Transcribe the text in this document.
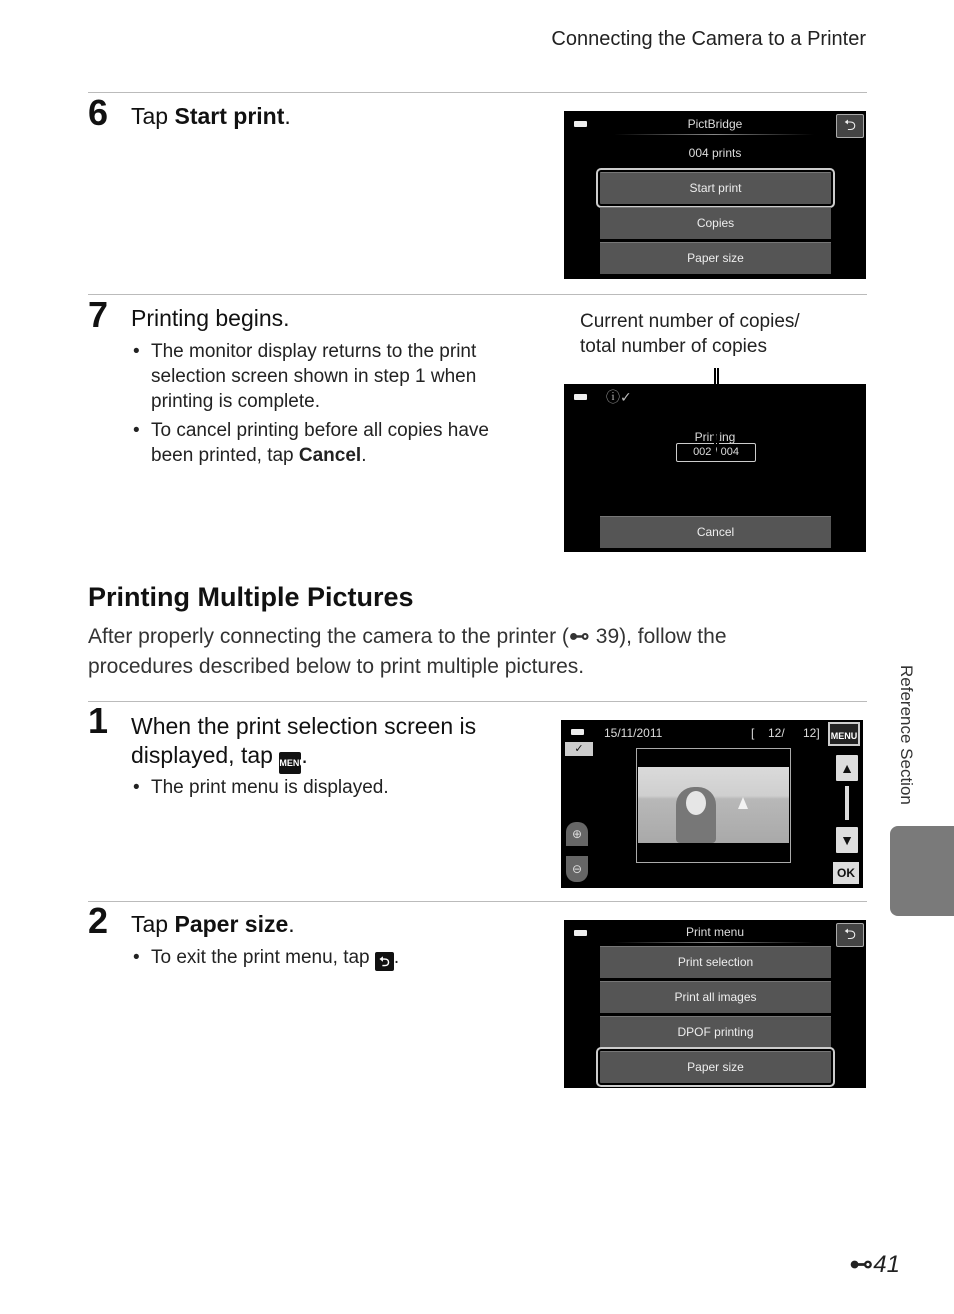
Connecting the Camera to a Printer
6 Tap Start print.	PictBridge	⮌
004 prints
Start print
Copies
Paper size
7 Printing begins.
• The monitor display returns to the print selection screen shown in step 1 when printing is complete.
• To cancel printing before all copies have been printed, tap Cancel.
Current number of copies/ total number of copies
ⓘ✓
Printing
002 / 004
Cancel
Printing Multiple Pictures
After properly connecting the camera to the printer (⊷ 39), follow the procedures described below to print multiple pictures.
1 When the print selection screen is displayed, tap MENU.
• The print menu is displayed.
15/11/2011	[ 12/ 12]	MENU
✓
▲
▼
OK
⊕
⊖
2 Tap Paper size.
• To exit the print menu, tap ⮌ .
Print menu	⮌
Print selection
Print all images
DPOF printing
Paper size
Reference Section
⊷41
